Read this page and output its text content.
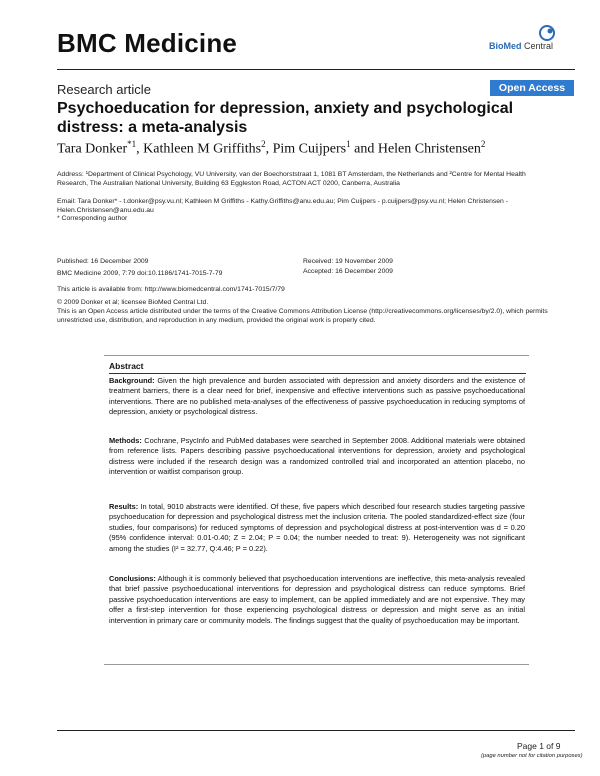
BMC Medicine	BioMed Central
Research article	Open Access
Psychoeducation for depression, anxiety and psychological distress: a meta-analysis
Tara Donker$^{*1}$, Kathleen M Griffiths$^2$, Pim Cuijpers$^1$ and Helen Christensen$^2$
Address: ¹Department of Clinical Psychology, VU University, van der Boechorststraat 1, 1081 BT Amsterdam, the Netherlands and ²Centre for Mental Health Research, The Australian National University, Building 63 Eggleston Road, ACTON ACT 0200, Canberra, Australia
Email: Tara Donker* - t.donker@psy.vu.nl; Kathleen M Griffiths - Kathy.Griffiths@anu.edu.au; Pim Cuijpers - p.cuijpers@psy.vu.nl; Helen Christensen - Helen.Christensen@anu.edu.au
* Corresponding author
Published: 16 December 2009
BMC Medicine 2009, 7:79 doi:10.1186/1741-7015-7-79
Received: 19 November 2009
Accepted: 16 December 2009
This article is available from: http://www.biomedcentral.com/1741-7015/7/79
© 2009 Donker et al; licensee BioMed Central Ltd.
This is an Open Access article distributed under the terms of the Creative Commons Attribution License (http://creativecommons.org/licenses/by/2.0), which permits unrestricted use, distribution, and reproduction in any medium, provided the original work is properly cited.
Abstract
Background: Given the high prevalence and burden associated with depression and anxiety disorders and the existence of treatment barriers, there is a clear need for brief, inexpensive and effective interventions such as passive psychoeducational interventions. There are no published meta-analyses of the effectiveness of passive psychoeducation in reducing symptoms of depression, anxiety or psychological distress.
Methods: Cochrane, PsycInfo and PubMed databases were searched in September 2008. Additional materials were obtained from reference lists. Papers describing passive psychoeducational interventions for depression, anxiety and psychological distress were included if the research design was a randomized controlled trial and incorporated an attention placebo, no intervention or waitlist comparison group.
Results: In total, 9010 abstracts were identified. Of these, five papers which described four research studies targeting passive psychoeducation for depression and psychological distress met the inclusion criteria. The pooled standardized-effect size (four studies, four comparisons) for reduced symptoms of depression and psychological distress at post-intervention was d = 0.20 (95% confidence interval: 0.01-0.40; Z = 2.04; P = 0.04; the number needed to treat: 9). Heterogeneity was not significant among the studies (I² = 32.77, Q:4.46; P = 0.22).
Conclusions: Although it is commonly believed that psychoeducation interventions are ineffective, this meta-analysis revealed that brief passive psychoeducational interventions for depression and psychological distress can reduce symptoms. Brief passive psychoeducation interventions are easy to implement, can be applied immediately and are not expensive. They may offer a first-step intervention for those experiencing psychological distress or depression and might serve as an initial intervention in primary care or community models. The findings suggest that the quality of psychoeducation may be important.
Page 1 of 9
(page number not for citation purposes)
